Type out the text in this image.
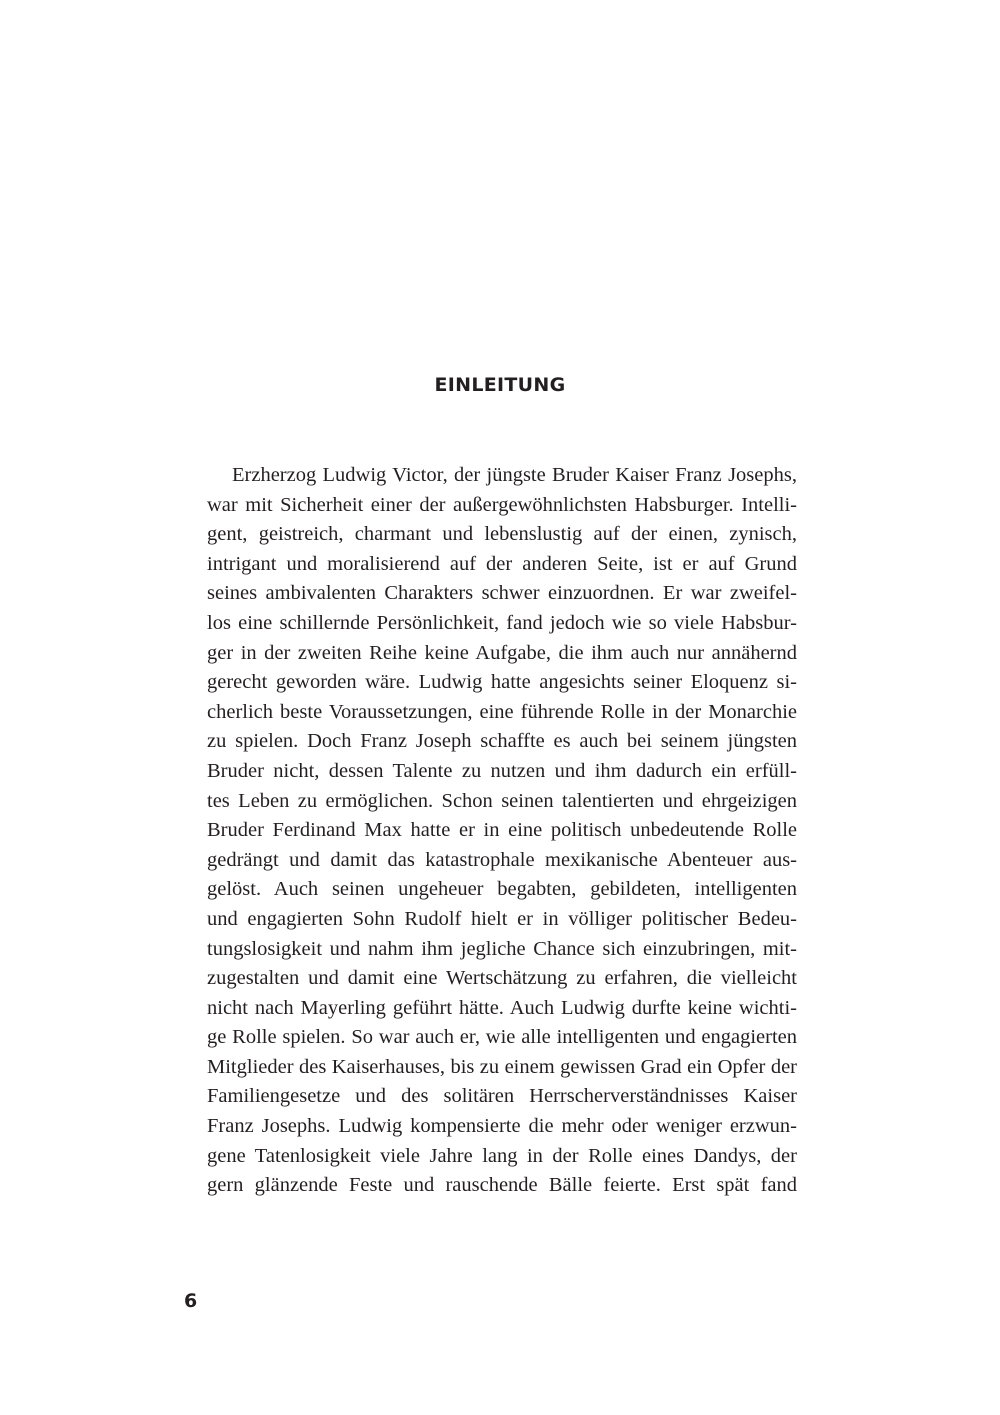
EINLEITUNG
Erzherzog Ludwig Victor, der jüngste Bruder Kaiser Franz Josephs,
war mit Sicherheit einer der außergewöhnlichsten Habsburger. Intelli-
gent, geistreich, charmant und lebenslustig auf der einen, zynisch,
intrigant und moralisierend auf der anderen Seite, ist er auf Grund
seines ambivalenten Charakters schwer einzuordnen. Er war zweifel-
los eine schillernde Persönlichkeit, fand jedoch wie so viele Habsbur-
ger in der zweiten Reihe keine Aufgabe, die ihm auch nur annähernd
gerecht geworden wäre. Ludwig hatte angesichts seiner Eloquenz si-
cherlich beste Voraussetzungen, eine führende Rolle in der Monarchie
zu spielen. Doch Franz Joseph schaffte es auch bei seinem jüngsten
Bruder nicht, dessen Talente zu nutzen und ihm dadurch ein erfüll-
tes Leben zu ermöglichen. Schon seinen talentierten und ehrgeizigen
Bruder Ferdinand Max hatte er in eine politisch unbedeutende Rolle
gedrängt und damit das katastrophale mexikanische Abenteuer aus-
gelöst. Auch seinen ungeheuer begabten, gebildeten, intelligenten
und engagierten Sohn Rudolf hielt er in völliger politischer Bedeu-
tungslosigkeit und nahm ihm jegliche Chance sich einzubringen, mit-
zugestalten und damit eine Wertschätzung zu erfahren, die vielleicht
nicht nach Mayerling geführt hätte. Auch Ludwig durfte keine wichti-
ge Rolle spielen. So war auch er, wie alle intelligenten und engagierten
Mitglieder des Kaiserhauses, bis zu einem gewissen Grad ein Opfer der
Familiengesetze und des solitären Herrscherverständnisses Kaiser
Franz Josephs. Ludwig kompensierte die mehr oder weniger erzwun-
gene Tatenlosigkeit viele Jahre lang in der Rolle eines Dandys, der
gern glänzende Feste und rauschende Bälle feierte. Erst spät fand
6
